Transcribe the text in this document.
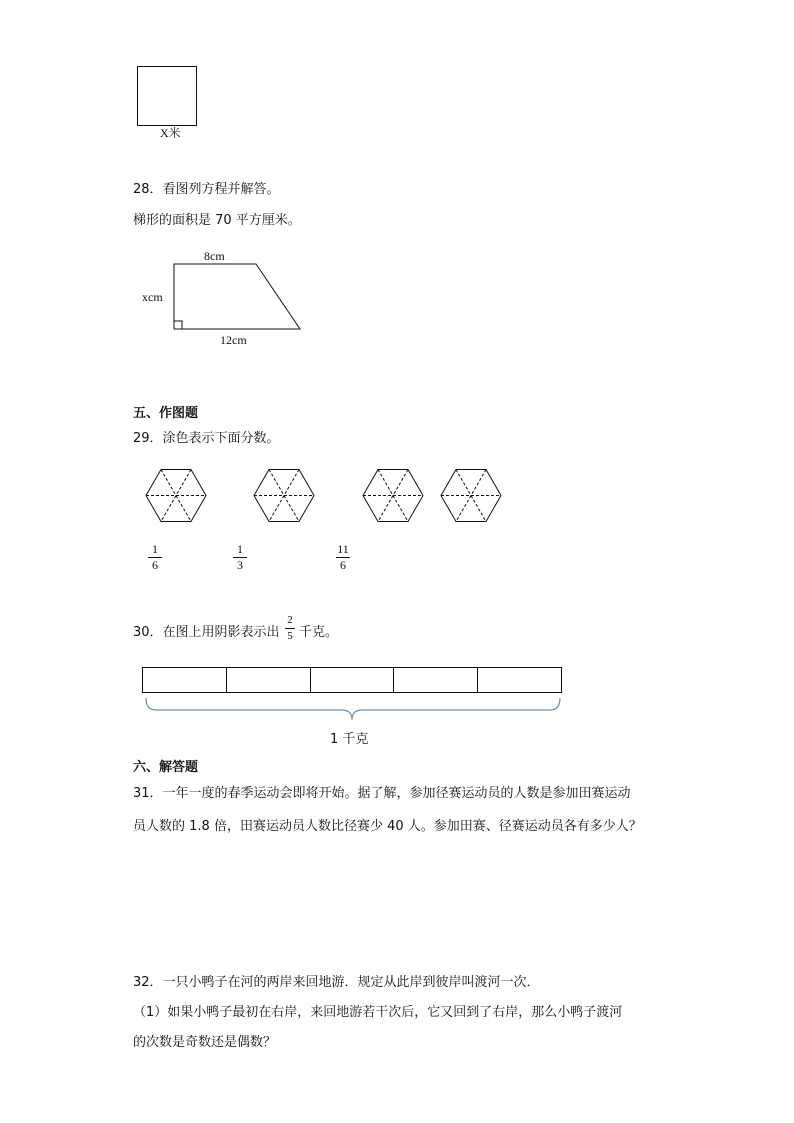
X米
28．看图列方程并解答。
梯形的面积是 70 平方厘米。
8cm
xcm
12cm
五、作图题
29．涂色表示下面分数。
1
6
1
3
11
6
30．在图上用阴影表示出
2
5 千克。
1 千克
六、解答题
31．一年一度的春季运动会即将开始。据了解，参加径赛运动员的人数是参加田赛运动
员人数的 1.8 倍，田赛运动员人数比径赛少 40 人。参加田赛、径赛运动员各有多少人？
32．一只小鸭子在河的两岸来回地游．规定从此岸到彼岸叫渡河一次．
（1）如果小鸭子最初在右岸，来回地游若干次后，它又回到了右岸，那么小鸭子渡河
的次数是奇数还是偶数？
